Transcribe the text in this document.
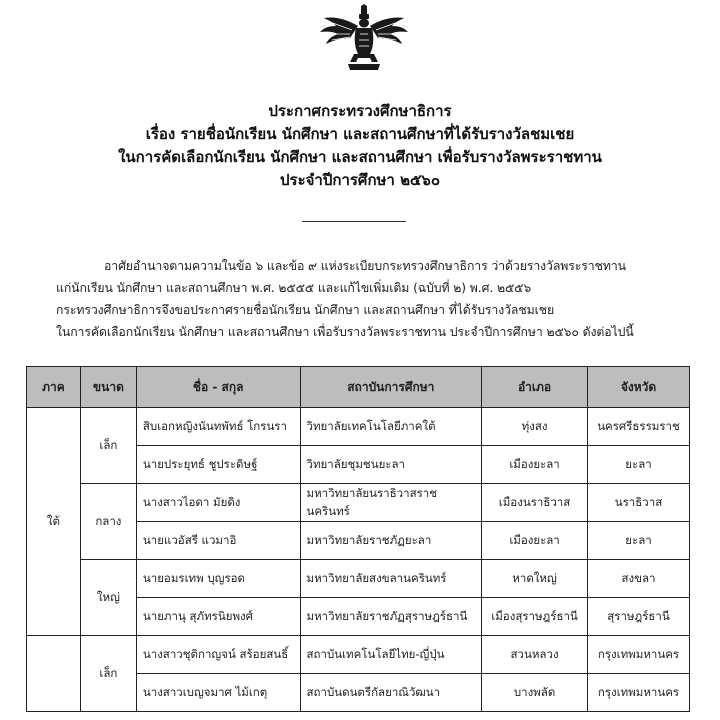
ประกาศกระทรวงศึกษาธิการ
เรื่อง รายชื่อนักเรียน นักศึกษา และสถานศึกษาที่ได้รับรางวัลชมเชย
ในการคัดเลือกนักเรียน นักศึกษา และสถานศึกษา เพื่อรับรางวัลพระราชทาน
ประจำปีการศึกษา ๒๕๖๐
อาศัยอำนาจตามความในข้อ ๖ และข้อ ๙ แห่งระเบียบกระทรวงศึกษาธิการ ว่าด้วยรางวัลพระราชทาน
แก่นักเรียน นักศึกษา และสถานศึกษา พ.ศ. ๒๕๕๕ และแก้ไขเพิ่มเติม (ฉบับที่ ๒) พ.ศ. ๒๕๕๖
กระทรวงศึกษาธิการจึงขอประกาศรายชื่อนักเรียน นักศึกษา และสถานศึกษา ที่ได้รับรางวัลชมเชย
ในการคัดเลือกนักเรียน นักศึกษา และสถานศึกษา เพื่อรับรางวัลพระราชทาน ประจำปีการศึกษา ๒๕๖๐ ดังต่อไปนี้
ภาค	ขนาด	ชื่อ - สกุล	สถาบันการศึกษา	อำเภอ	จังหวัด
ใต้	เล็ก	สิบเอกหญิงนันทพัทธ์ โกรนรา	วิทยาลัยเทคโนโลยีภาคใต้	ทุ่งสง	นครศรีธรรมราช
		นายประยุทธ์ ชูประดิษฐ์	วิทยาลัยชุมชนยะลา	เมืองยะลา	ยะลา
	กลาง	นางสาวไอดา มัยดิง	มหาวิทยาลัยนราธิวาสราชนครินทร์	เมืองนราธิวาส	นราธิวาส
		นายแวอัสรี แวมาอิ	มหาวิทยาลัยราชภัฏยะลา	เมืองยะลา	ยะลา
	ใหญ่	นายอมรเทพ บุญรอด	มหาวิทยาลัยสงขลานครินทร์	หาดใหญ่	สงขลา
		นายภานุ สุภัทรนิยพงศ์	มหาวิทยาลัยราชภัฏสุราษฎร์ธานี	เมืองสุราษฎร์ธานี	สุราษฎร์ธานี
	เล็ก	นางสาวชุติกาญจน์ สร้อยสนธิ์	สถาบันเทคโนโลยีไทย-ญี่ปุ่น	สวนหลวง	กรุงเทพมหานคร
		นางสาวเบญจมาศ ไม้เกตุ	สถาบันดนตรีกัลยาณิวัฒนา	บางพลัด	กรุงเทพมหานคร
